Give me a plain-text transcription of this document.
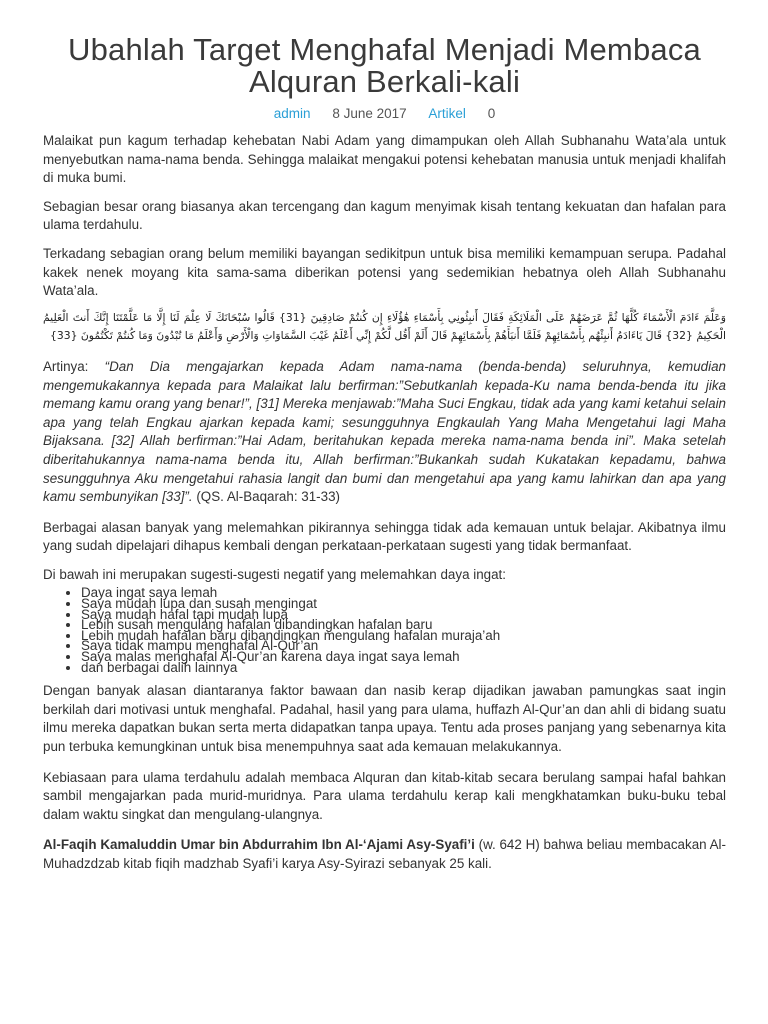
Ubahlah Target Menghafal Menjadi Membaca Alquran Berkali-kali
admin 8 June 2017 Artikel 0

Malaikat pun kagum terhadap kehebatan Nabi Adam yang dimampukan oleh Allah Subhanahu Wata’ala untuk menyebutkan nama-nama benda. Sehingga malaikat mengakui potensi kehebatan manusia untuk menjadi khalifah di muka bumi.

Sebagian besar orang biasanya akan tercengang dan kagum menyimak kisah tentang kekuatan dan hafalan para ulama terdahulu.

Terkadang sebagian orang belum memiliki bayangan sedikitpun untuk bisa memiliki kemampuan serupa. Padahal kakek nenek moyang kita sama-sama diberikan potensi yang sedemikian hebatnya oleh Allah Subhanahu Wata’ala.

وَعَلَّمَ ءَادَمَ الْأَسْمَاءَ كُلَّهَا ثُمَّ عَرَضَهُمْ عَلَى الْمَلَائِكَةِ فَقَالَ أَنبِئُونِي بِأَسْمَاءِ هَٰؤُلَاءِ إِن كُنتُمْ صَادِقِينَ {31} قَالُوا سُبْحَانَكَ لَا عِلْمَ لَنَا إِلَّا مَا عَلَّمْتَنَا إِنَّكَ أَنتَ الْعَلِيمُ الْحَكِيمُ {32} قَالَ يَاءَادَمُ أَنبِئْهُم بِأَسْمَائِهِمْ فَلَمَّا أَنبَأَهُمْ بِأَسْمَائِهِمْ قَالَ أَلَمْ أَقُل لَّكُمْ إِنِّي أَعْلَمُ غَيْبَ السَّمَاوَاتِ وَالْأَرْضِ وَأَعْلَمُ مَا تُبْدُونَ وَمَا كُنتُمْ تَكْتُمُونَ {33}

Artinya: “Dan Dia mengajarkan kepada Adam nama-nama (benda-benda) seluruhnya, kemudian mengemukakannya kepada para Malaikat lalu berfirman:”Sebutkanlah kepada-Ku nama benda-benda itu jika memang kamu orang yang benar!”, [31] Mereka menjawab:”Maha Suci Engkau, tidak ada yang kami ketahui selain apa yang telah Engkau ajarkan kepada kami; sesungguhnya Engkaulah Yang Maha Mengetahui lagi Maha Bijaksana. [32] Allah berfirman:”Hai Adam, beritahukan kepada mereka nama-nama benda ini”. Maka setelah diberitahukannya nama-nama benda itu, Allah berfirman:”Bukankah sudah Kukatakan kepadamu, bahwa sesungguhnya Aku mengetahui rahasia langit dan bumi dan mengetahui apa yang kamu lahirkan dan apa yang kamu sembunyikan [33]”. (QS. Al-Baqarah: 31-33)

Berbagai alasan banyak yang melemahkan pikirannya sehingga tidak ada kemauan untuk belajar. Akibatnya ilmu yang sudah dipelajari dihapus kembali dengan perkataan-perkataan sugesti yang tidak bermanfaat.

Di bawah ini merupakan sugesti-sugesti negatif yang melemahkan daya ingat:

• Daya ingat saya lemah
• Saya mudah lupa dan susah mengingat
• Saya mudah hafal tapi mudah lupa
• Lebih susah mengulang hafalan dibandingkan hafalan baru
• Lebih mudah hafalan baru dibandingkan mengulang hafalan muraja’ah
• Saya tidak mampu menghafal Al-Qur’an
• Saya malas menghafal Al-Qur’an karena daya ingat saya lemah
• dan berbagai dalih lainnya

Dengan banyak alasan diantaranya faktor bawaan dan nasib kerap dijadikan jawaban pamungkas saat ingin berkilah dari motivasi untuk menghafal. Padahal, hasil yang para ulama, huffazh Al-Qur’an dan ahli di bidang suatu ilmu mereka dapatkan bukan serta merta didapatkan tanpa upaya. Tentu ada proses panjang yang sebenarnya kita pun terbuka kemungkinan untuk bisa menempuhnya saat ada kemauan melakukannya.

Kebiasaan para ulama terdahulu adalah membaca Alquran dan kitab-kitab secara berulang sampai hafal bahkan sambil mengajarkan pada murid-muridnya. Para ulama terdahulu kerap kali mengkhatamkan buku-buku tebal dalam waktu singkat dan mengulang-ulangnya.

Al-Faqih Kamaluddin Umar bin Abdurrahim Ibn Al-‘Ajami Asy-Syafi’i (w. 642 H) bahwa beliau membacakan Al-Muhadzdzab kitab fiqih madzhab Syafi’i karya Asy-Syirazi sebanyak 25 kali.
